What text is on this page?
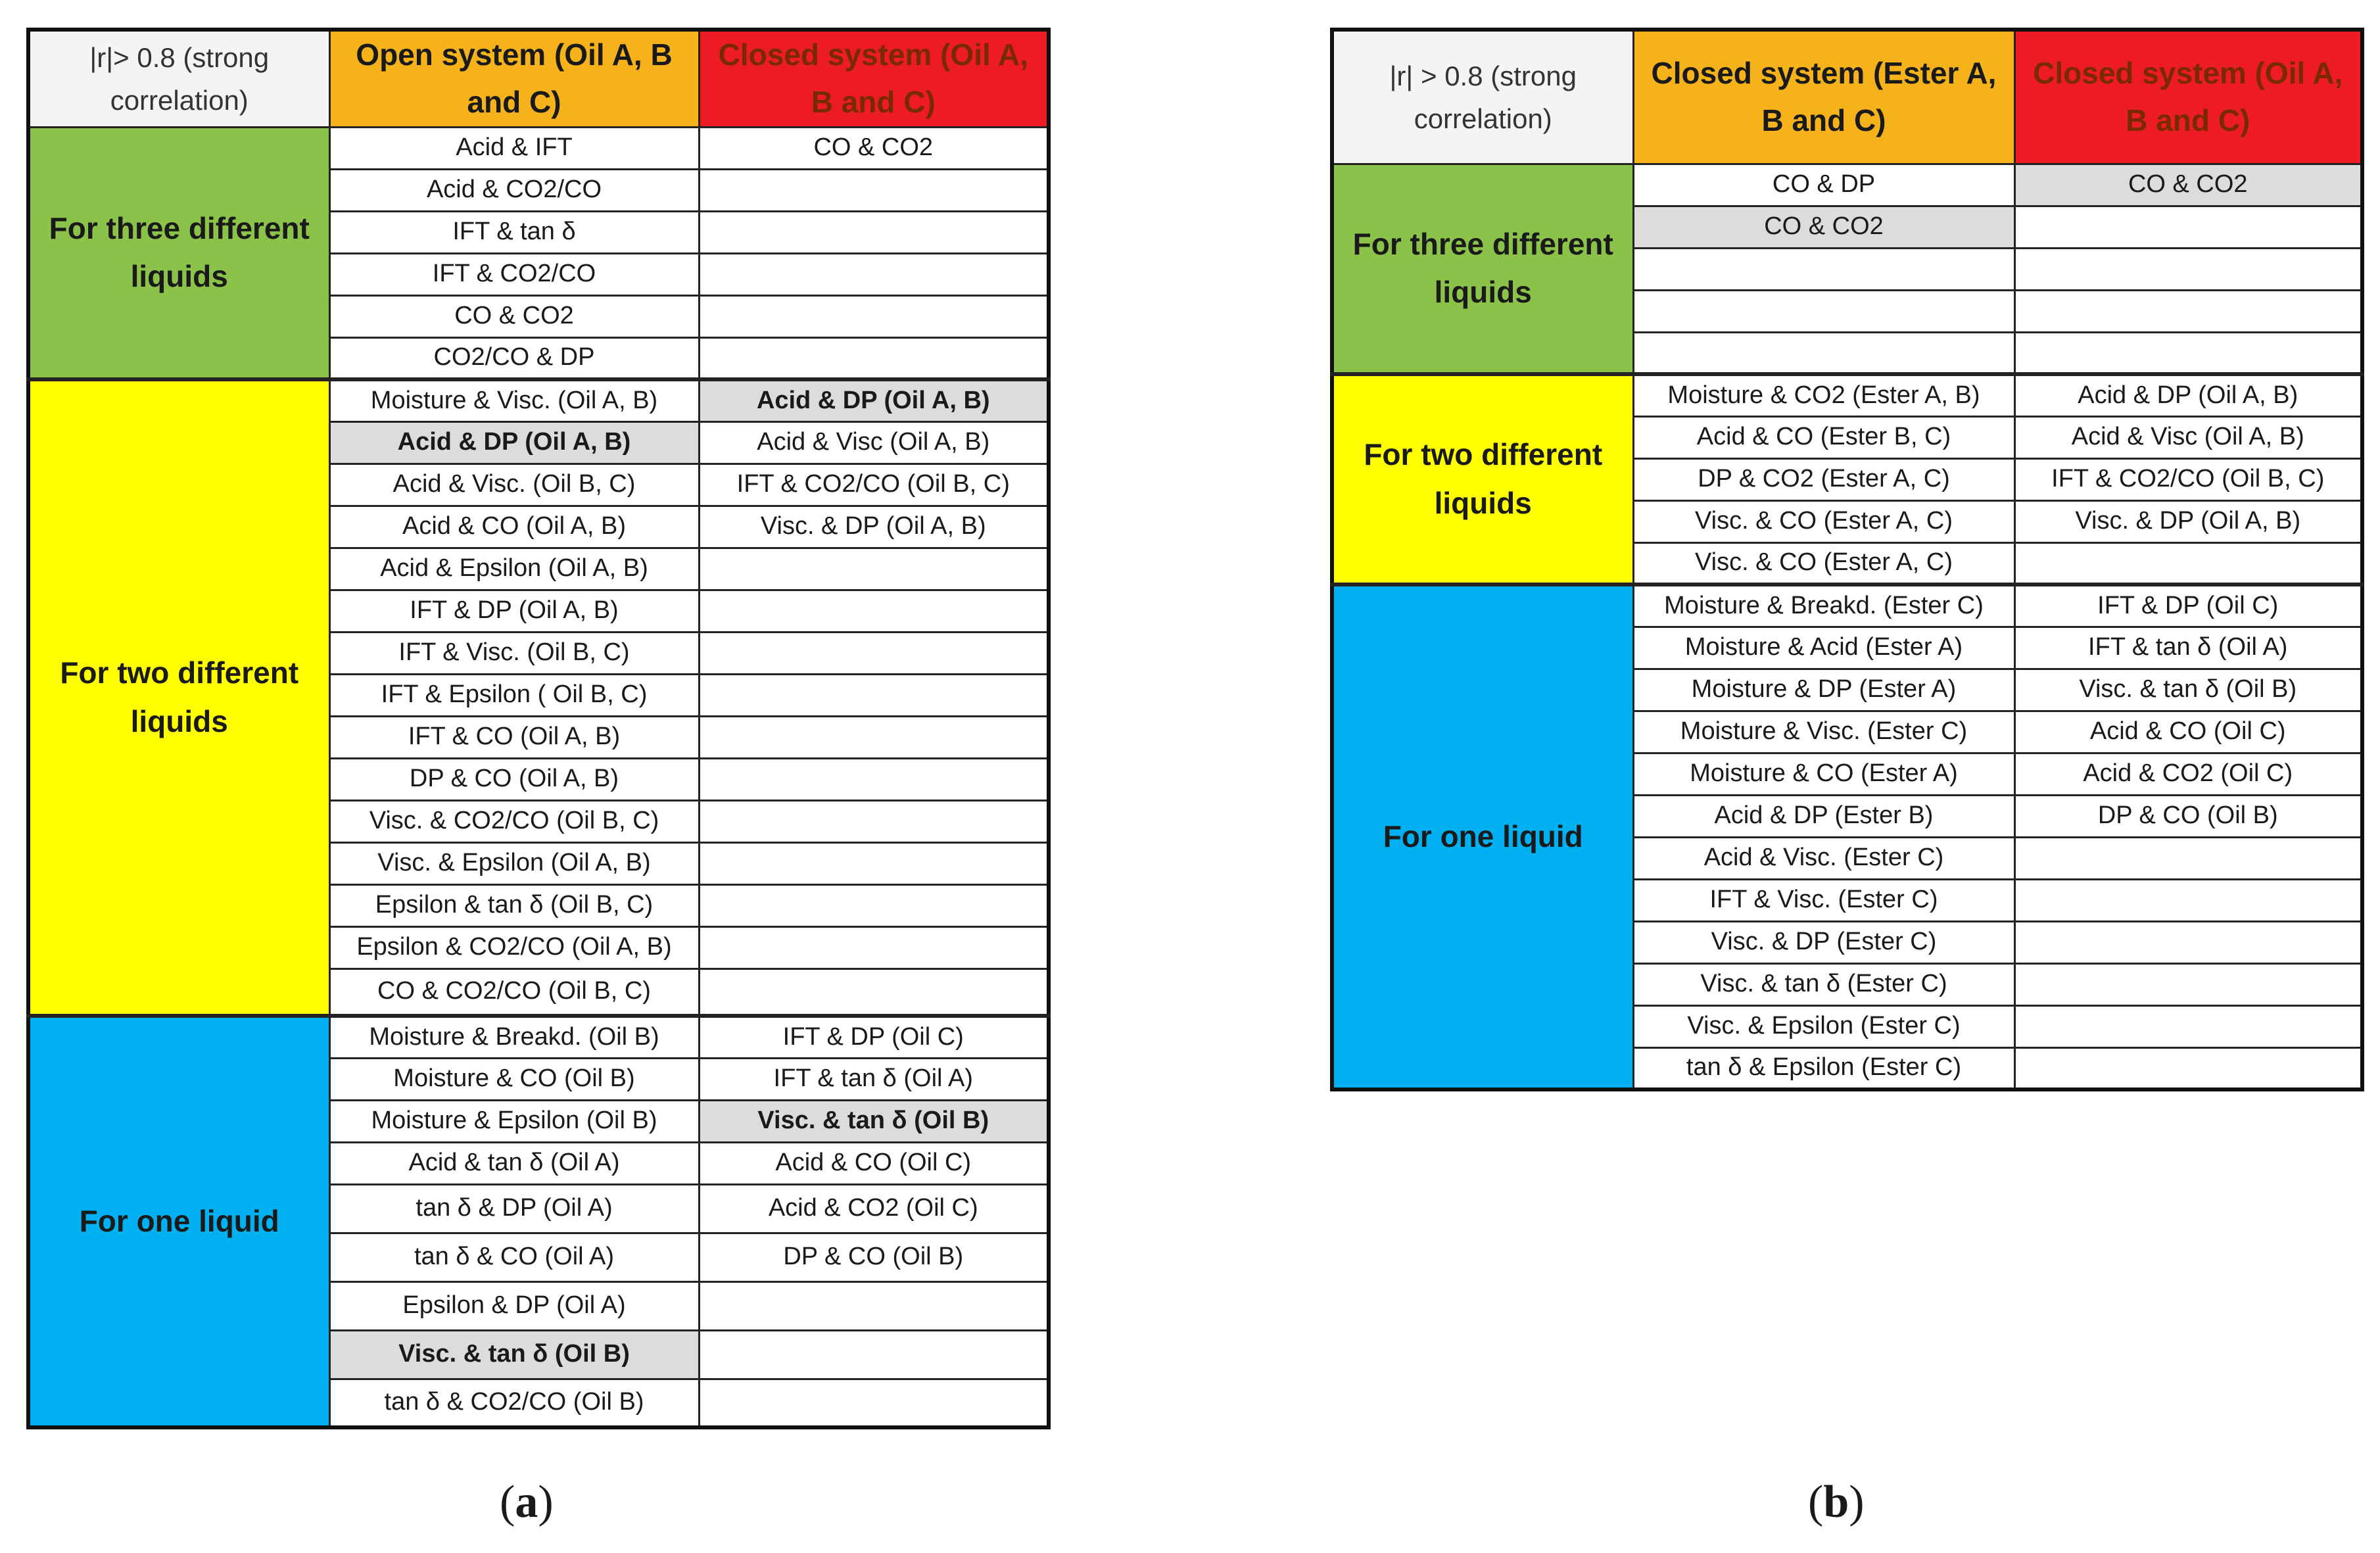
|r|> 0.8 (strong correlation)	Open system (Oil A, B and C)	Closed system (Oil A, B and C)
For three different liquids	Acid & IFT	CO & CO2
	Acid & CO2/CO	
	IFT & tan δ	
	IFT & CO2/CO	
	CO & CO2	
	CO2/CO & DP	
For two different liquids	Moisture & Visc. (Oil A, B)	Acid & DP (Oil A, B)
	Acid & DP (Oil A, B)	Acid & Visc (Oil A, B)
	Acid & Visc. (Oil B, C)	IFT & CO2/CO (Oil B, C)
	Acid & CO (Oil A, B)	Visc. & DP (Oil A, B)
	Acid & Epsilon (Oil A, B)	
	IFT & DP (Oil A, B)	
	IFT & Visc. (Oil B, C)	
	IFT & Epsilon ( Oil B, C)	
	IFT & CO (Oil A, B)	
	DP & CO (Oil A, B)	
	Visc. & CO2/CO (Oil B, C)	
	Visc. & Epsilon (Oil A, B)	
	Epsilon & tan δ (Oil B, C)	
	Epsilon & CO2/CO (Oil A, B)	
	CO & CO2/CO (Oil B, C)	
For one liquid	Moisture & Breakd. (Oil B)	IFT & DP (Oil C)
	Moisture & CO (Oil B)	IFT & tan δ (Oil A)
	Moisture & Epsilon (Oil B)	Visc. & tan δ (Oil B)
	Acid & tan δ (Oil A)	Acid & CO (Oil C)
	tan δ & DP (Oil A)	Acid & CO2 (Oil C)
	tan δ & CO (Oil A)	DP & CO (Oil B)
	Epsilon & DP (Oil A)	
	Visc. & tan δ (Oil B)	
	tan δ & CO2/CO (Oil B)	
|r| > 0.8 (strong correlation)	Closed system (Ester A, B and C)	Closed system (Oil A, B and C)
For three different liquids	CO & DP	CO & CO2
	CO & CO2	

For two different liquids	Moisture & CO2 (Ester A, B)	Acid & DP (Oil A, B)
	Acid & CO (Ester B, C)	Acid & Visc (Oil A, B)
	DP & CO2 (Ester A, C)	IFT & CO2/CO (Oil B, C)
	Visc. & CO (Ester A, C)	Visc. & DP (Oil A, B)
	Visc. & CO (Ester A, C)	
For one liquid	Moisture & Breakd. (Ester C)	IFT & DP (Oil C)
	Moisture & Acid (Ester A)	IFT & tan δ (Oil A)
	Moisture & DP (Ester A)	Visc. & tan δ (Oil B)
	Moisture & Visc. (Ester C)	Acid & CO (Oil C)
	Moisture & CO (Ester A)	Acid & CO2 (Oil C)
	Acid & DP (Ester B)	DP & CO (Oil B)
	Acid & Visc. (Ester C)	
	IFT & Visc. (Ester C)	
	Visc. & DP (Ester C)	
	Visc. & tan δ (Ester C)	
	Visc. & Epsilon (Ester C)	
	tan δ & Epsilon (Ester C)	
(a)	(b)
